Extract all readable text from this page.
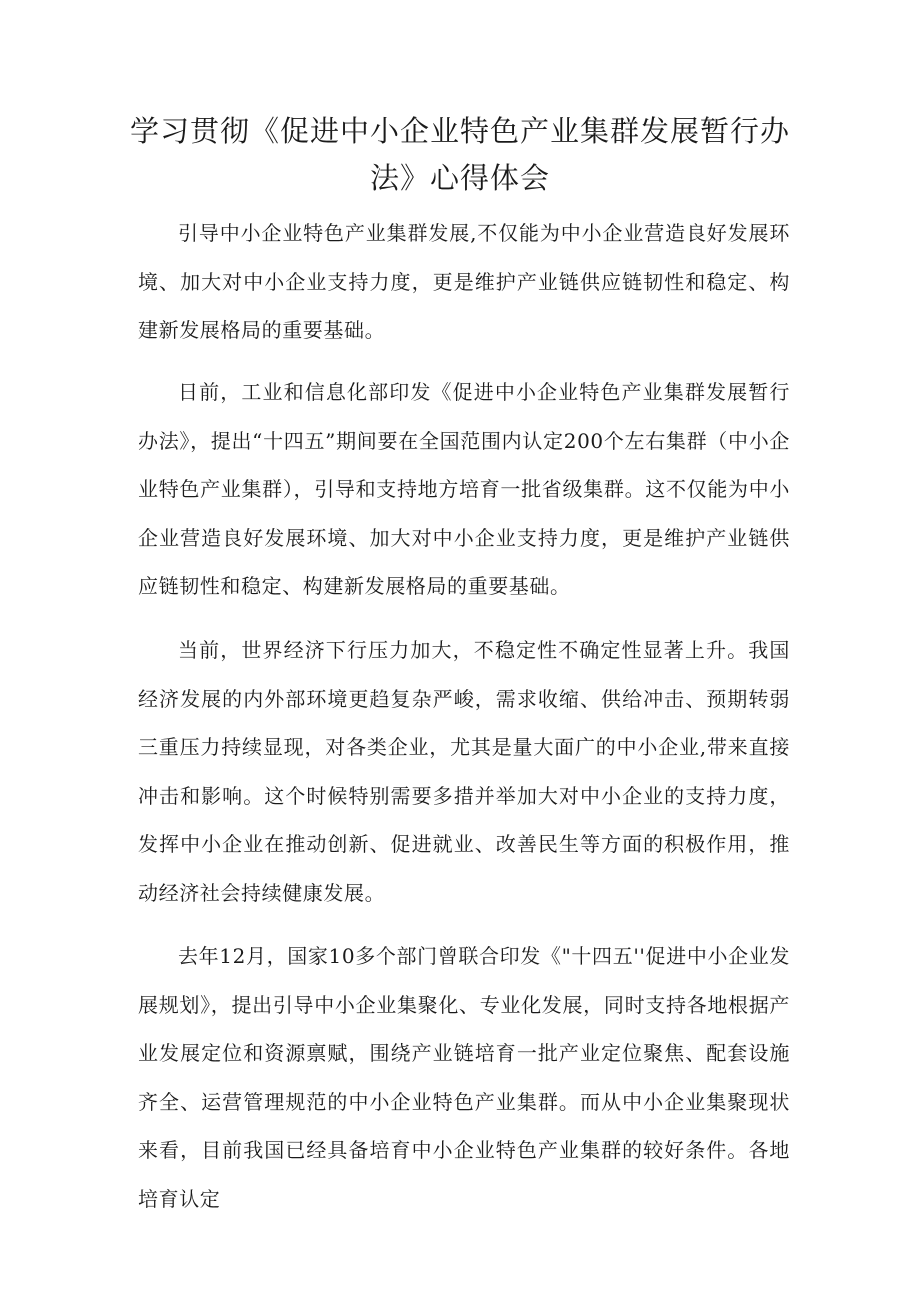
学习贯彻《促进中小企业特色产业集群发展暂行办
法》心得体会

引导中小企业特色产业集群发展,不仅能为中小企业营造良好发展环境、加大对中小企业支持力度，更是维护产业链供应链韧性和稳定、构建新发展格局的重要基础。

日前，工业和信息化部印发《促进中小企业特色产业集群发展暂行办法》，提出“十四五”期间要在全国范围内认定200个左右集群（中小企业特色产业集群），引导和支持地方培育一批省级集群。这不仅能为中小企业营造良好发展环境、加大对中小企业支持力度，更是维护产业链供应链韧性和稳定、构建新发展格局的重要基础。

当前，世界经济下行压力加大，不稳定性不确定性显著上升。我国经济发展的内外部环境更趋复杂严峻，需求收缩、供给冲击、预期转弱三重压力持续显现，对各类企业，尤其是量大面广的中小企业,带来直接冲击和影响。这个时候特别需要多措并举加大对中小企业的支持力度，发挥中小企业在推动创新、促进就业、改善民生等方面的积极作用，推动经济社会持续健康发展。

去年12月，国家10多个部门曾联合印发《"十四五''促进中小企业发展规划》，提出引导中小企业集聚化、专业化发展，同时支持各地根据产业发展定位和资源禀赋，围绕产业链培育一批产业定位聚焦、配套设施齐全、运营管理规范的中小企业特色产业集群。而从中小企业集聚现状来看，目前我国已经具备培育中小企业特色产业集群的较好条件。各地培育认定
